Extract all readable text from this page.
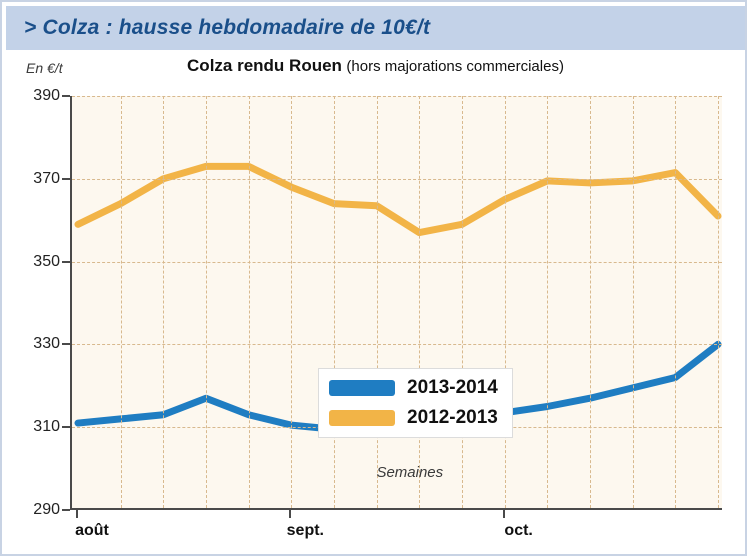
> Colza : hausse hebdomadaire de 10€/t
En €/t	Colza rendu Rouen (hors majorations commerciales)
2013-2014
2012-2013
Semaines
290
310
330
350
370
390
août	sept.	oct.
